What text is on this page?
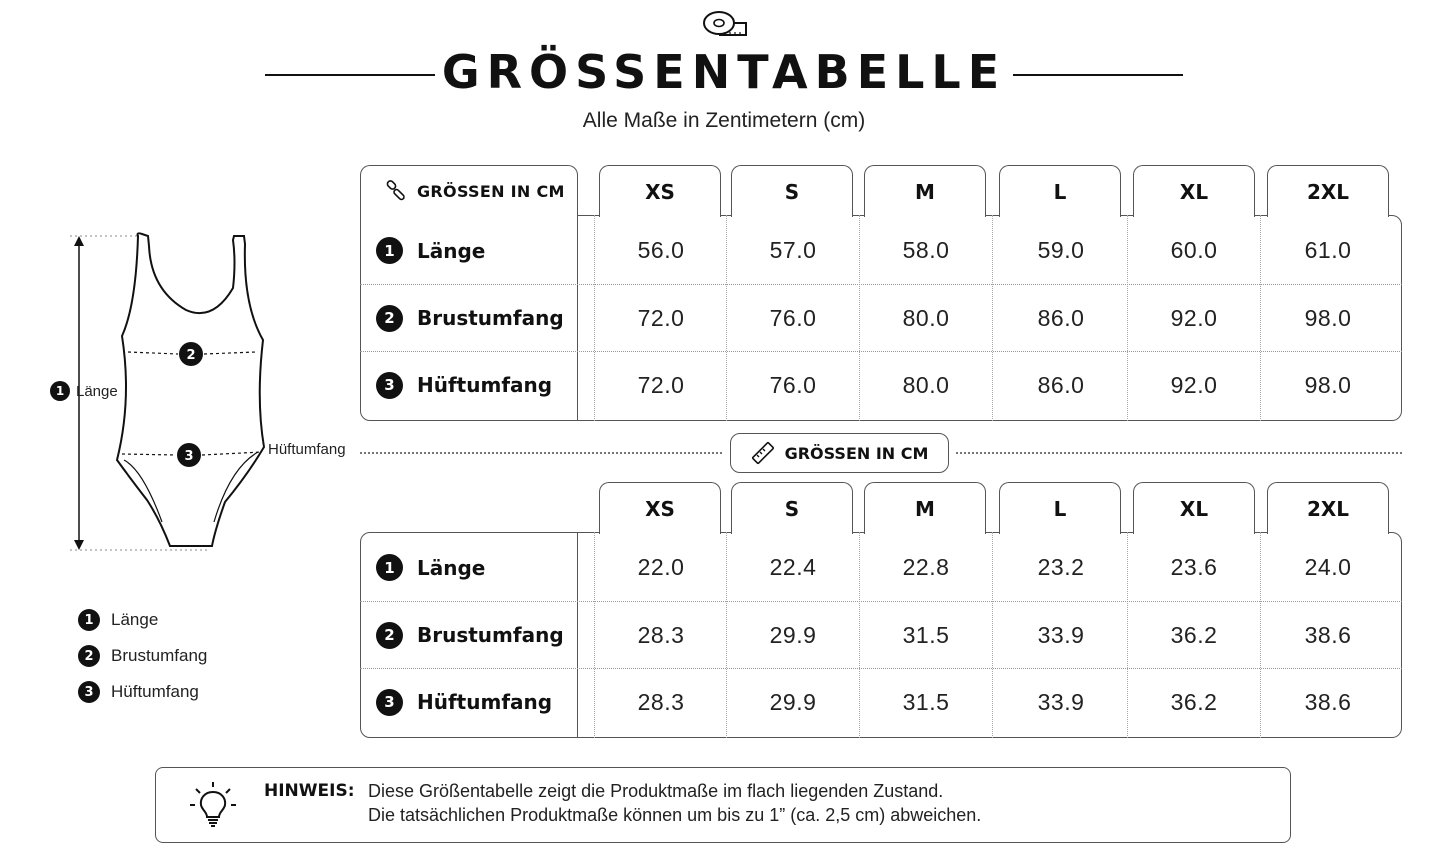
GRÖSSENTABELLE
Alle Maße in Zentimetern (cm)
2
3
1 Länge
Hüftumfang
1	Länge
2	Brustumfang
3	Hüftumfang
GRÖSSEN IN CM	XS	S	M	L	XL	2XL
1	Länge	56.0	57.0	58.0	59.0	60.0	61.0
2	Brustumfang	72.0	76.0	80.0	86.0	92.0	98.0
3	Hüftumfang	72.0	76.0	80.0	86.0	92.0	98.0
GRÖSSEN IN CM
XS	S	M	L	XL	2XL
1	Länge	22.0	22.4	22.8	23.2	23.6	24.0
2	Brustumfang	28.3	29.9	31.5	33.9	36.2	38.6
3	Hüftumfang	28.3	29.9	31.5	33.9	36.2	38.6
HINWEIS: Diese Größentabelle zeigt die Produktmaße im flach liegenden Zustand.
Die tatsächlichen Produktmaße können um bis zu 1” (ca. 2,5 cm) abweichen.
